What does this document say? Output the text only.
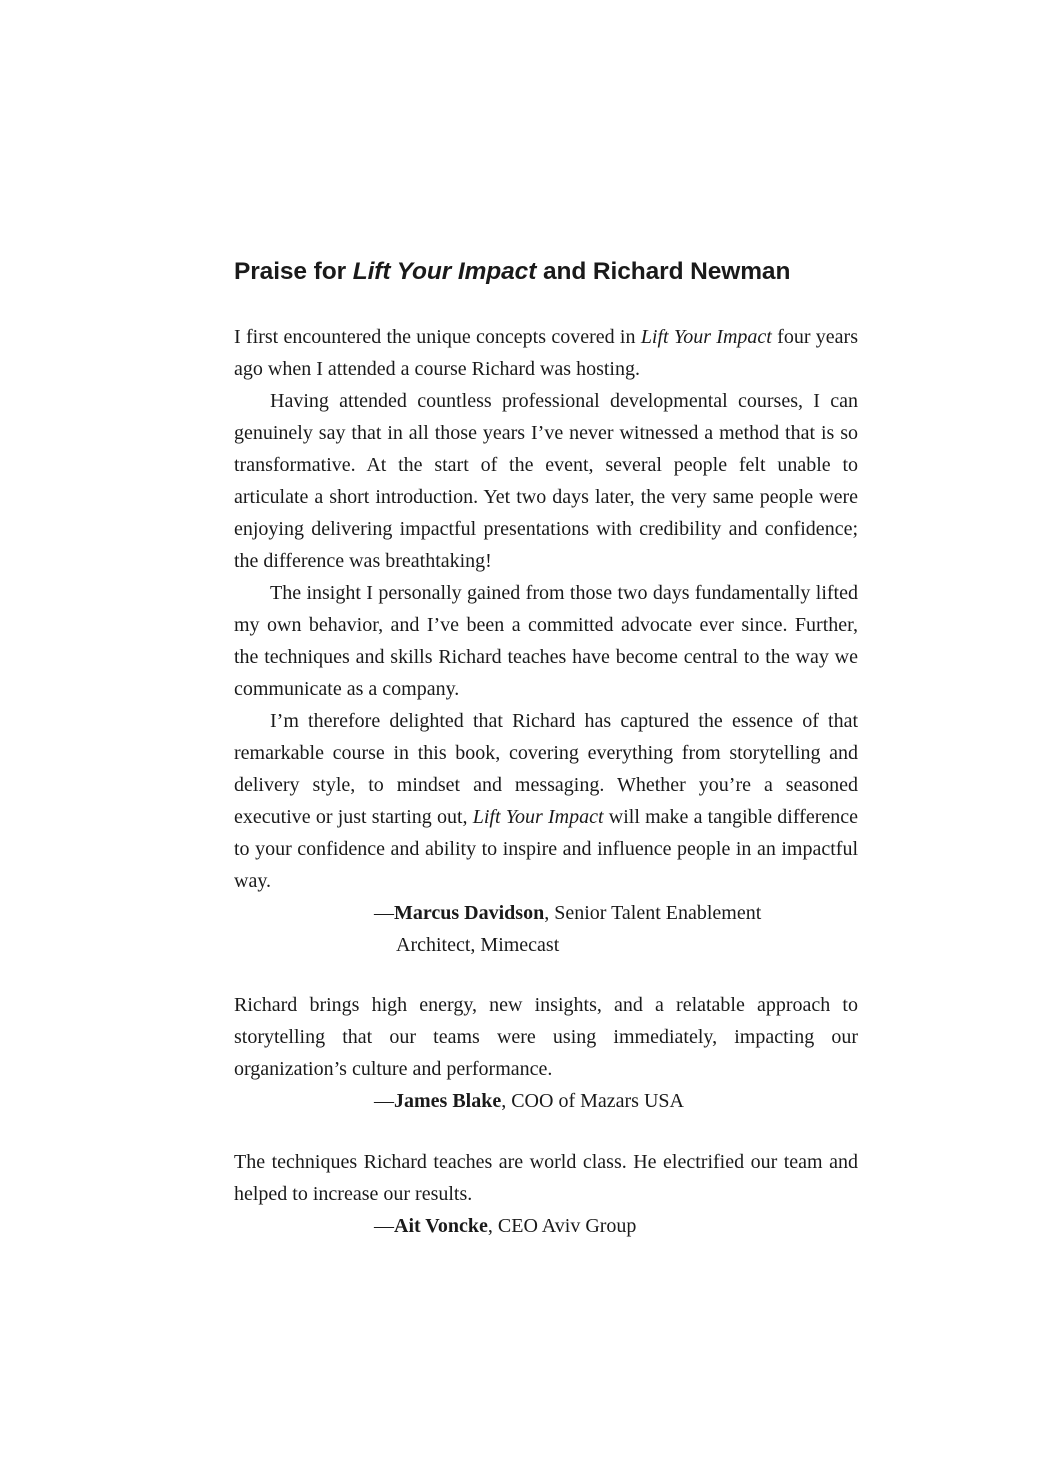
Praise for Lift Your Impact and Richard Newman

I first encountered the unique concepts covered in Lift Your Impact four years ago when I attended a course Richard was hosting.

Having attended countless professional developmental courses, I can genuinely say that in all those years I’ve never witnessed a method that is so transformative. At the start of the event, several people felt unable to articulate a short introduction. Yet two days later, the very same people were enjoying delivering impactful presentations with credibility and confidence; the difference was breathtaking!

The insight I personally gained from those two days fundamentally lifted my own behavior, and I’ve been a committed advocate ever since. Further, the techniques and skills Richard teaches have become central to the way we communicate as a company.

I’m therefore delighted that Richard has captured the essence of that remarkable course in this book, covering everything from storytelling and delivery style, to mindset and messaging. Whether you’re a seasoned executive or just starting out, Lift Your Impact will make a tangible difference to your confidence and ability to inspire and influence people in an impactful way.

—Marcus Davidson, Senior Talent Enablement Architect, Mimecast

Richard brings high energy, new insights, and a relatable approach to storytelling that our teams were using immediately, impacting our organization’s culture and performance.

—James Blake, COO of Mazars USA

The techniques Richard teaches are world class. He electrified our team and helped to increase our results.

—Ait Voncke, CEO Aviv Group
